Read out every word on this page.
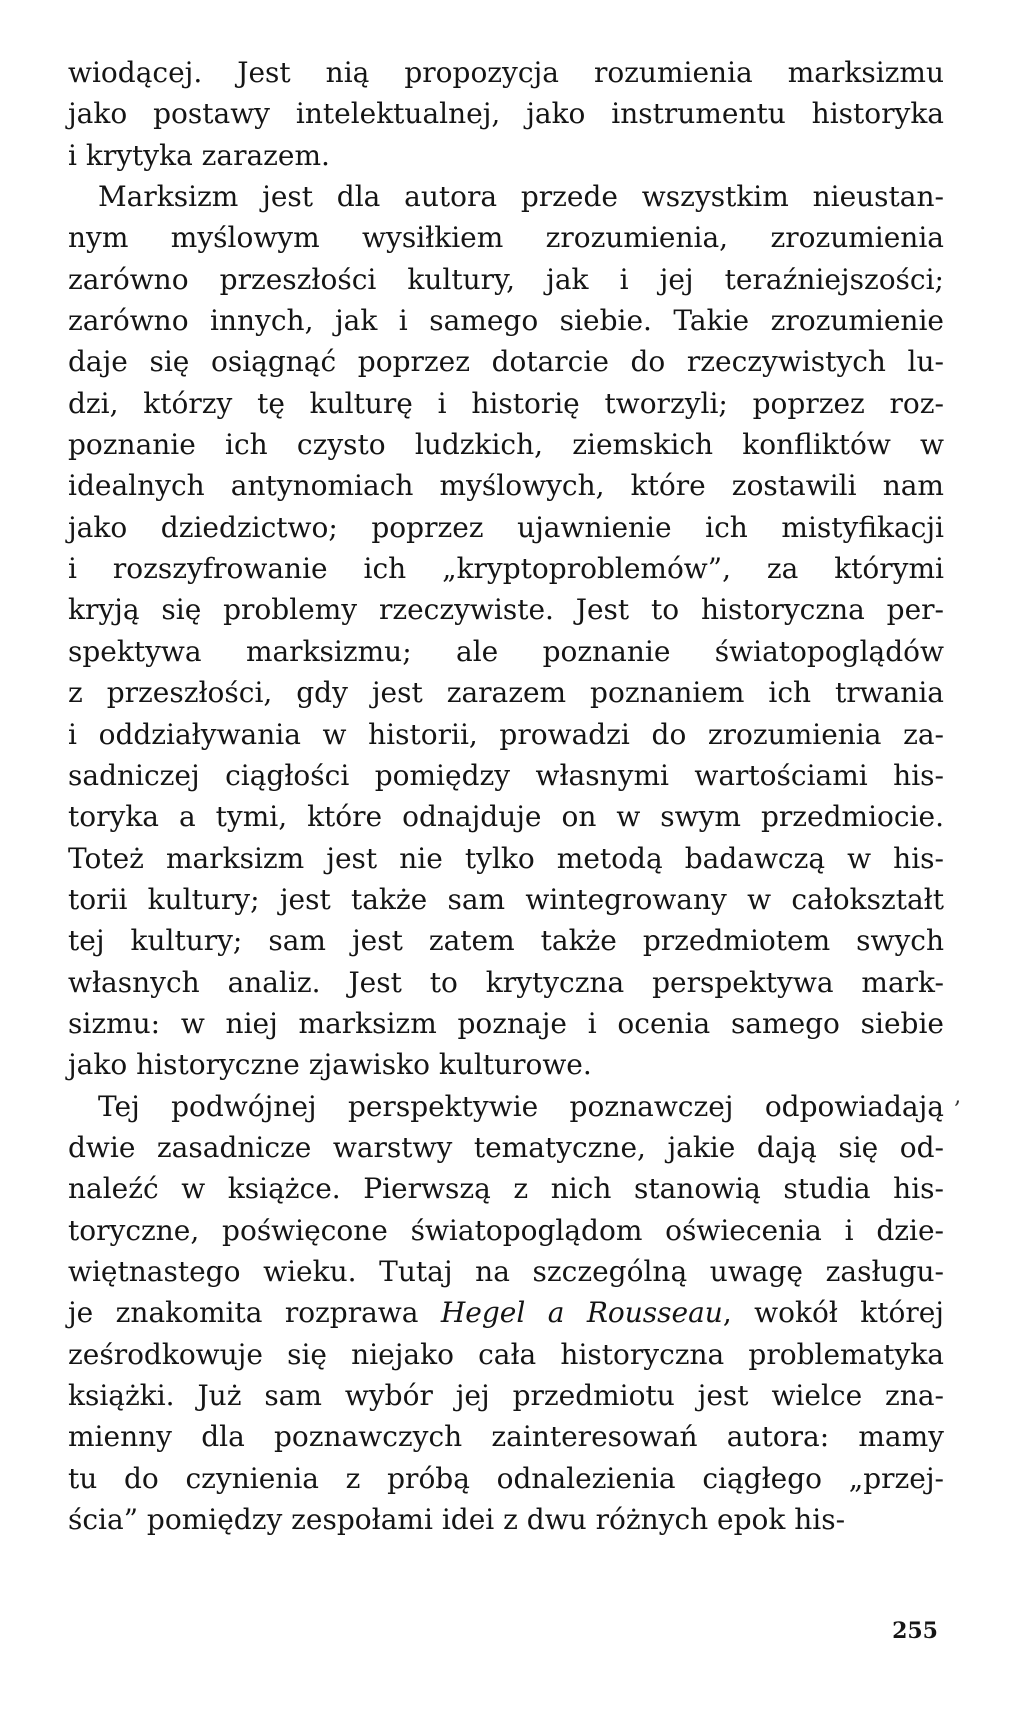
wiodącej. Jest nią propozycja rozumienia marksizmu
jako postawy intelektualnej, jako instrumentu historyka
i krytyka zarazem.
Marksizm jest dla autora przede wszystkim nieustan-
nym myślowym wysiłkiem zrozumienia, zrozumienia
zarówno przeszłości kultury, jak i jej teraźniejszości;
zarówno innych, jak i samego siebie. Takie zrozumienie
daje się osiągnąć poprzez dotarcie do rzeczywistych lu-
dzi, którzy tę kulturę i historię tworzyli; poprzez roz-
poznanie ich czysto ludzkich, ziemskich konfliktów w
idealnych antynomiach myślowych, które zostawili nam
jako dziedzictwo; poprzez ujawnienie ich mistyfikacji
i rozszyfrowanie ich „kryptoproblemów”, za którymi
kryją się problemy rzeczywiste. Jest to historyczna per-
spektywa marksizmu; ale poznanie światopoglądów
z przeszłości, gdy jest zarazem poznaniem ich trwania
i oddziaływania w historii, prowadzi do zrozumienia za-
sadniczej ciągłości pomiędzy własnymi wartościami his-
toryka a tymi, które odnajduje on w swym przedmiocie.
Toteż marksizm jest nie tylko metodą badawczą w his-
torii kultury; jest także sam wintegrowany w całokształt
tej kultury; sam jest zatem także przedmiotem swych
własnych analiz. Jest to krytyczna perspektywa mark-
sizmu: w niej marksizm poznaje i ocenia samego siebie
jako historyczne zjawisko kulturowe.
Tej podwójnej perspektywie poznawczej odpowiadają
dwie zasadnicze warstwy tematyczne, jakie dają się od-
naleźć w książce. Pierwszą z nich stanowią studia his-
toryczne, poświęcone światopoglądom oświecenia i dzie-
więtnastego wieku. Tutaj na szczególną uwagę zasługu-
je znakomita rozprawa Hegel a Rousseau, wokół której
ześrodkowuje się niejako cała historyczna problematyka
książki. Już sam wybór jej przedmiotu jest wielce zna-
mienny dla poznawczych zainteresowań autora: mamy
tu do czynienia z próbą odnalezienia ciągłego „przej-
ścia” pomiędzy zespołami idei z dwu różnych epok his-
‚
255
